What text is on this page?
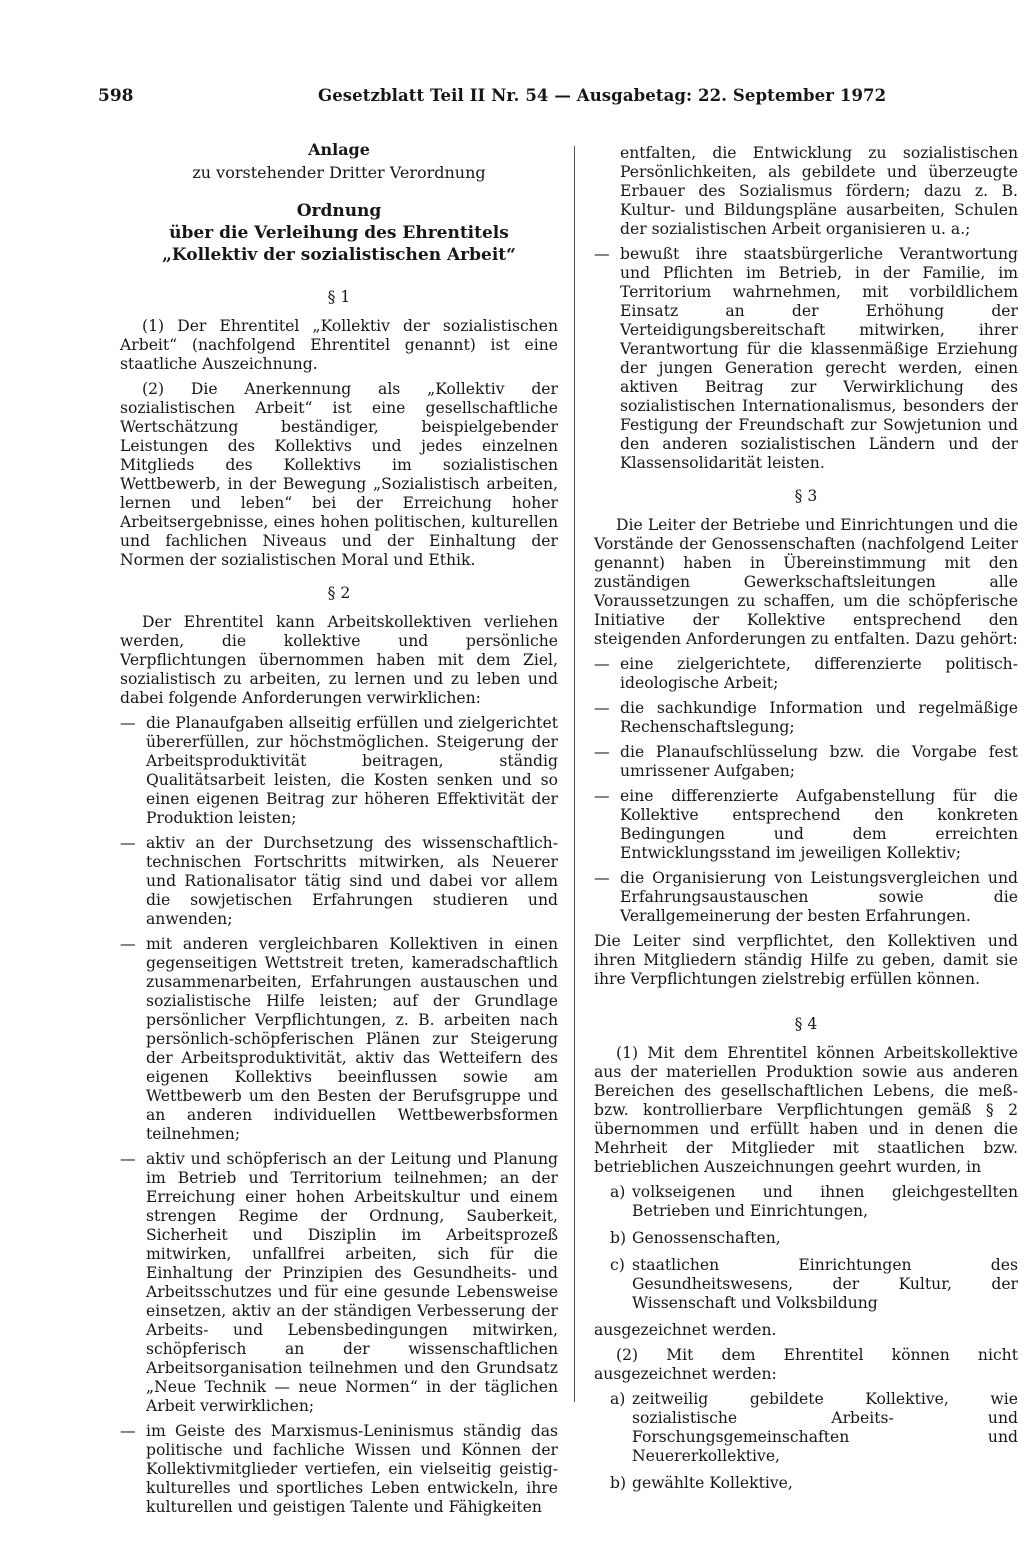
598	Gesetzblatt Teil II Nr. 54 — Ausgabetag: 22. September 1972
Anlage
zu vorstehender Dritter Verordnung
Ordnung
über die Verleihung des Ehrentitels
„Kollektiv der sozialistischen Arbeit“
§ 1

(1) Der Ehrentitel „Kollektiv der sozialistischen Arbeit“ (nachfolgend Ehrentitel genannt) ist eine staatliche Auszeichnung.

(2) Die Anerkennung als „Kollektiv der sozialistischen Arbeit“ ist eine gesellschaftliche Wertschätzung beständiger, beispielgebender Leistungen des Kollektivs und jedes einzelnen Mitglieds des Kollektivs im sozialistischen Wettbewerb, in der Bewegung „Sozialistisch arbeiten, lernen und leben“ bei der Erreichung hoher Arbeitsergebnisse, eines hohen politischen, kulturellen und fachlichen Niveaus und der Einhaltung der Normen der sozialistischen Moral und Ethik.

§ 2

Der Ehrentitel kann Arbeitskollektiven verliehen werden, die kollektive und persönliche Verpflichtungen übernommen haben mit dem Ziel, sozialistisch zu arbeiten, zu lernen und zu leben und dabei folgende Anforderungen verwirklichen:

— die Planaufgaben allseitig erfüllen und zielgerichtet übererfüllen, zur höchstmöglichen. Steigerung der Arbeitsproduktivität beitragen, ständig Qualitätsarbeit leisten, die Kosten senken und so einen eigenen Beitrag zur höheren Effektivität der Produktion leisten;
— aktiv an der Durchsetzung des wissenschaftlich-technischen Fortschritts mitwirken, als Neuerer und Rationalisator tätig sind und dabei vor allem die sowjetischen Erfahrungen studieren und anwenden;
— mit anderen vergleichbaren Kollektiven in einen gegenseitigen Wettstreit treten, kameradschaftlich zusammenarbeiten, Erfahrungen austauschen und sozialistische Hilfe leisten; auf der Grundlage persönlicher Verpflichtungen, z. B. arbeiten nach persönlich-schöpferischen Plänen zur Steigerung der Arbeitsproduktivität, aktiv das Wetteifern des eigenen Kollektivs beeinflussen sowie am Wettbewerb um den Besten der Berufsgruppe und an anderen individuellen Wettbewerbsformen teilnehmen;
— aktiv und schöpferisch an der Leitung und Planung im Betrieb und Territorium teilnehmen; an der Erreichung einer hohen Arbeitskultur und einem strengen Regime der Ordnung, Sauberkeit, Sicherheit und Disziplin im Arbeitsprozeß mitwirken, unfallfrei arbeiten, sich für die Einhaltung der Prinzipien des Gesundheits- und Arbeitsschutzes und für eine gesunde Lebensweise einsetzen, aktiv an der ständigen Verbesserung der Arbeits- und Lebensbedingungen mitwirken, schöpferisch an der wissenschaftlichen Arbeitsorganisation teilnehmen und den Grundsatz „Neue Technik — neue Normen“ in der täglichen Arbeit verwirklichen;
— im Geiste des Marxismus-Leninismus ständig das politische und fachliche Wissen und Können der Kollektivmitglieder vertiefen, ein vielseitig geistig-kulturelles und sportliches Leben entwickeln, ihre kulturellen und geistigen Talente und Fähigkeiten

entfalten, die Entwicklung zu sozialistischen Persönlichkeiten, als gebildete und überzeugte Erbauer des Sozialismus fördern; dazu z. B. Kultur- und Bildungspläne ausarbeiten, Schulen der sozialistischen Arbeit organisieren u. a.;

— bewußt ihre staatsbürgerliche Verantwortung und Pflichten im Betrieb, in der Familie, im Territorium wahrnehmen, mit vorbildlichem Einsatz an der Erhöhung der Verteidigungsbereitschaft mitwirken, ihrer Verantwortung für die klassenmäßige Erziehung der jungen Generation gerecht werden, einen aktiven Beitrag zur Verwirklichung des sozialistischen Internationalismus, besonders der Festigung der Freundschaft zur Sowjetunion und den anderen sozialistischen Ländern und der Klassensolidarität leisten.
§ 3

Die Leiter der Betriebe und Einrichtungen und die Vorstände der Genossenschaften (nachfolgend Leiter genannt) haben in Übereinstimmung mit den zuständigen Gewerkschaftsleitungen alle Voraussetzungen zu schaffen, um die schöpferische Initiative der Kollektive entsprechend den steigenden Anforderungen zu entfalten. Dazu gehört:

— eine zielgerichtete, differenzierte politisch-ideologische Arbeit;
— die sachkundige Information und regelmäßige Rechenschaftslegung;
— die Planaufschlüsselung bzw. die Vorgabe fest umrissener Aufgaben;
— eine differenzierte Aufgabenstellung für die Kollektive entsprechend den konkreten Bedingungen und dem erreichten Entwicklungsstand im jeweiligen Kollektiv;
— die Organisierung von Leistungsvergleichen und Erfahrungsaustauschen sowie die Verallgemeinerung der besten Erfahrungen.

Die Leiter sind verpflichtet, den Kollektiven und ihren Mitgliedern ständig Hilfe zu geben, damit sie ihre Verpflichtungen zielstrebig erfüllen können.

§ 4

(1) Mit dem Ehrentitel können Arbeitskollektive aus der materiellen Produktion sowie aus anderen Bereichen des gesellschaftlichen Lebens, die meß- bzw. kontrollierbare Verpflichtungen gemäß § 2 übernommen und erfüllt haben und in denen die Mehrheit der Mitglieder mit staatlichen bzw. betrieblichen Auszeichnungen geehrt wurden, in

a) volkseigenen und ihnen gleichgestellten Betrieben und Einrichtungen,
b) Genossenschaften,
c) staatlichen Einrichtungen des Gesundheitswesens, der Kultur, der Wissenschaft und Volksbildung

ausgezeichnet werden.

(2) Mit dem Ehrentitel können nicht ausgezeichnet werden:

a) zeitweilig gebildete Kollektive, wie sozialistische Arbeits- und Forschungsgemeinschaften und Neuererkollektive,
b) gewählte Kollektive,
